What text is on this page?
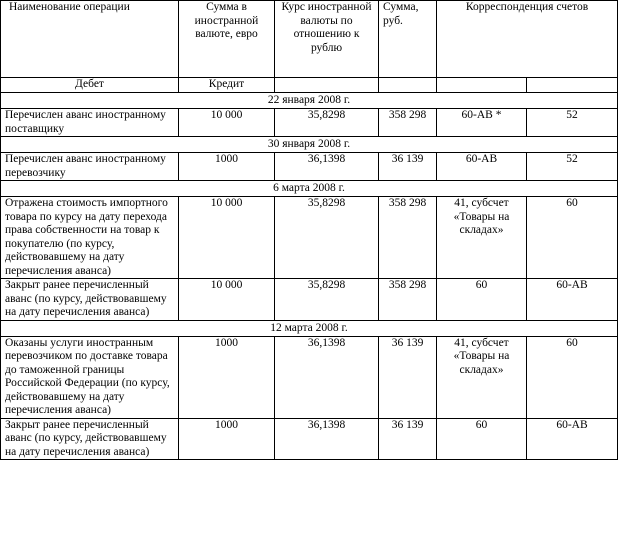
Наименование операции	Сумма в иностранной валюте, евро	Курс иностранной валюты по отношению к рублю	Сумма, руб.	Корреспонденция счетов	
Дебет	Кредит				
22 января 2008 г.					
Перечислен аванс иностранному поставщику	10 000	35,8298	358 298	60-АВ *	52
30 января 2008 г.					
Перечислен аванс иностранному перевозчику	1000	36,1398	36 139	60-АВ	52
6 марта 2008 г.					
Отражена стоимость импортного товара по курсу на дату перехода права собственности на товар к покупателю (по курсу, действовавшему на дату перечисления аванса)	10 000	35,8298	358 298	41, субсчет «Товары на складах»	60
Закрыт ранее перечисленный аванс (по курсу, действовавшему на дату перечисления аванса)	10 000	35,8298	358 298	60	60-АВ
12 марта 2008 г.					
Оказаны услуги иностранным перевозчиком по доставке товара до таможенной границы Российской Федерации (по курсу, действовавшему на дату перечисления аванса)	1000	36,1398	36 139	41, субсчет «Товары на складах»	60
Закрыт ранее перечисленный аванс (по курсу, действовавшему на дату перечисления аванса)	1000	36,1398	36 139	60	60-АВ
